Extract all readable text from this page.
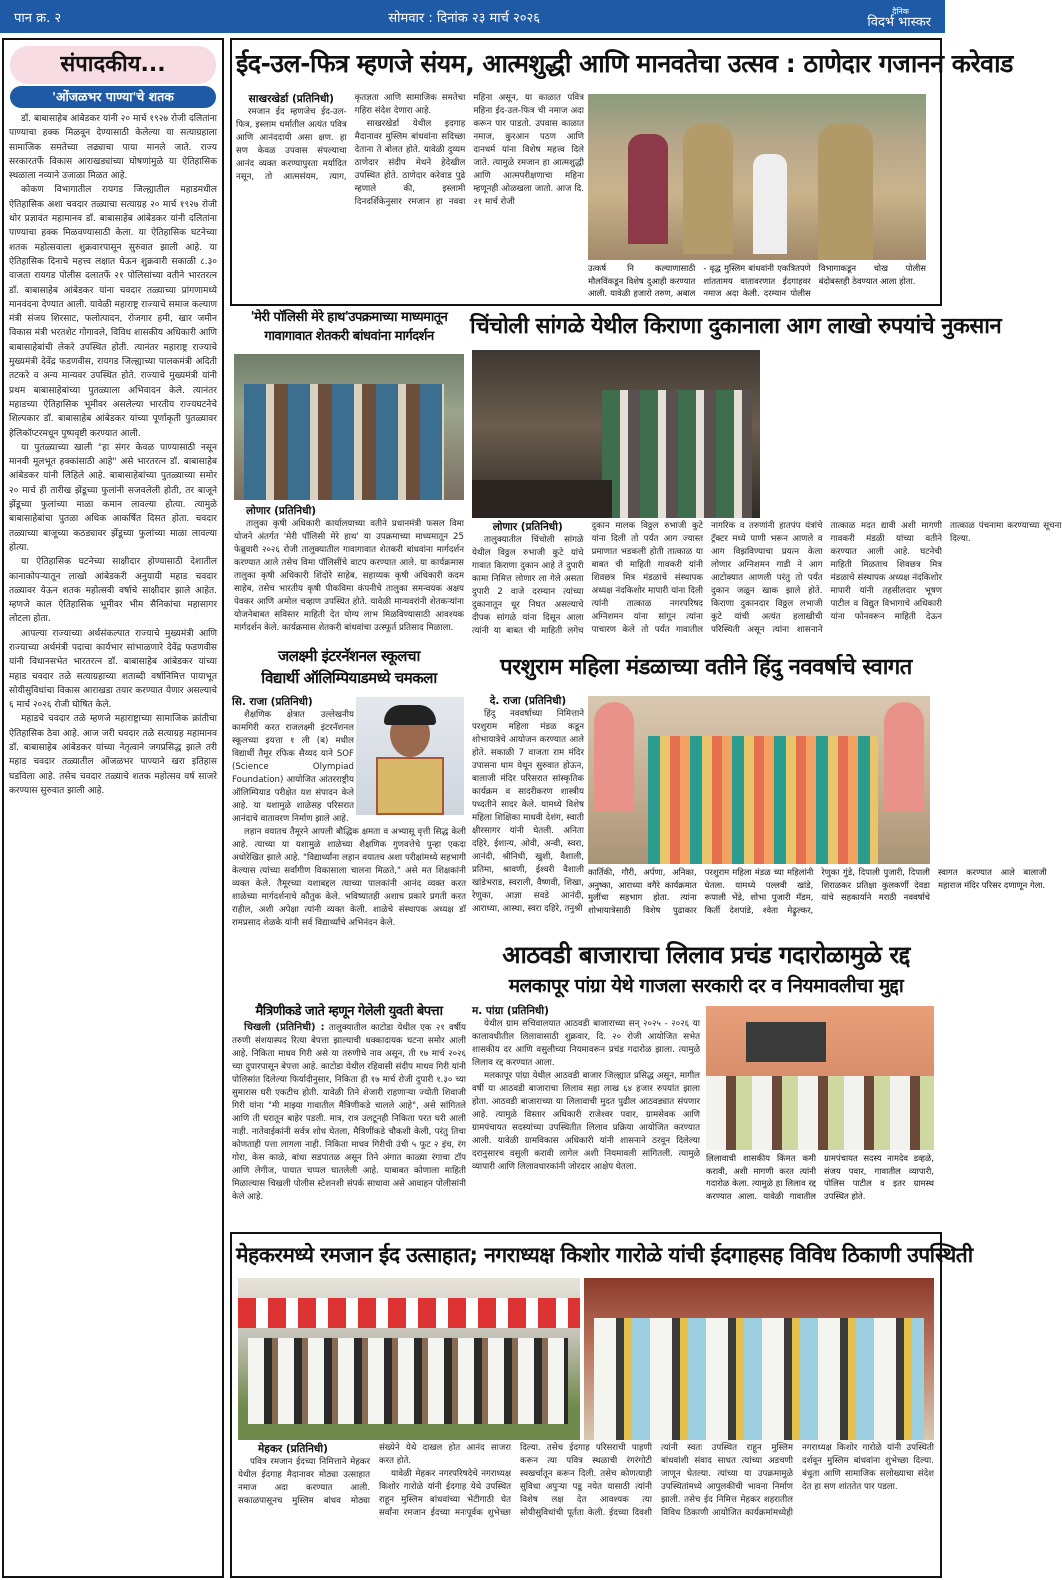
पान क्र. २	सोमवार : दिनांक २३ मार्च २०२६	दैनिक
विदर्भ भास्कर
संपादकीय...
'ओंजळभर पाण्या'चे शतक

डॉ. बाबासाहेब आंबेडकर यांनी २० मार्च १९२७ रोजी दलितांना पाण्याचा हक्क मिळवून देण्यासाठी केलेल्या या सत्याग्रहाला सामाजिक समतेच्या लढ्याचा पाया मानले जाते. राज्य सरकारतर्फे विकास आराखड्यांच्या घोषणांमुळे या ऐतिहासिक स्थळाला नव्याने उजाळा मिळत आहे.

कोकण विभागातील रायगड जिल्ह्यातील महाडमधील ऐतिहासिक अशा चवदार तळ्याचा सत्याग्रह २० मार्च १९२७ रोजी थोर प्रज्ञावंत महामानव डॉ. बाबासाहेब आंबेडकर यांनी दलितांना पाण्याचा हक्क मिळवण्यासाठी केला. या ऐतिहासिक घटनेच्या शतक महोत्सवाला शुक्रवारपासून सुरुवात झाली आहे. या ऐतिहासिक दिनाचे महत्त्व लक्षात घेऊन शुक्रवारी सकाळी ८.३० वाजता रायगड पोलीस दलातर्फे २१ पोलिसांच्या वतीने भारतरत्न डॉ. बाबासाहेब आंबेडकर यांना चवदार तळ्याच्या प्रांगणामध्ये मानवंदना देण्यात आली. यावेळी महाराष्ट्र राज्याचे समाज कल्याण मंत्री संजय शिरसाट, फलोत्पादन, रोजगार हमी, खार जमीन विकास मंत्री भरतशेट गोगावले, विविध शासकीय अधिकारी आणि बाबासाहेबांची लेकरे उपस्थित होती. त्यानंतर महाराष्ट्र राज्याचे मुख्यमंत्री देवेंद्र फडणवीस, रायगड जिल्ह्याच्या पालकमंत्री अदिती तटकरे व अन्य मान्यवर उपस्थित होते. राज्याचे मुख्यमंत्री यांनी प्रथम बाबासाहेबांच्या पुतळ्याला अभिवादन केले. त्यानंतर महाडच्या ऐतिहासिक भूमीवर असलेल्या भारतीय राज्यघटनेचे शिल्पकार डॉ. बाबासाहेब आंबेडकर यांच्या पूर्णाकृती पुतळ्यावर हेलिकॉप्टरमधून पुष्पवृष्टी करण्यात आली.

या पुतळ्याच्या खाली "हा संगर केवळ पाण्यासाठी नसून मानवी मूलभूत हक्कांसाठी आहे" असे भारतरत्न डॉ. बाबासाहेब आंबेडकर यांनी लिहिले आहे. बाबासाहेबांच्या पुतळ्याच्या समोर २० मार्च ही तारीख झेंडूच्या फुलांनी सजवलेली होती, तर बाजूने झेंडूच्या फुलांच्या माळा कमान लावल्या होत्या. त्यामुळे बाबासाहेबांचा पुतळा अधिक आकर्षित दिसत होता. चवदार तळ्याच्या बाजूच्या कठड्यावर झेंडूच्या फुलांच्या माळा लावल्या होत्या.

या ऐतिहासिक घटनेच्या साक्षीदार होण्यासाठी देशातील कानाकोपऱ्यातून लाखो आंबेडकरी अनुयायी महाड चवदार तळ्यावर येऊन शतक महोत्सवी वर्षाचे साक्षीदार झाले आहेत. म्हणजे काल ऐतिहासिक भूमीवर भीम सैनिकांचा महासागर लोटला होता.

आपल्या राज्याच्या अर्थसंकल्पात राज्याचे मुख्यमंत्री आणि राज्याच्या अर्थमंत्री पदाचा कार्यभार सांभाळणारे देवेंद्र फडणवीस यांनी विधानसभेत भारतरत्न डॉ. बाबासाहेब आंबेडकर यांच्या महाड चवदार तळे सत्याग्रहाच्या शताब्दी वर्षानिमित्त पायाभूत सोयीसुविधांचा विकास आराखडा तयार करण्यात येणार असल्याचे ६ मार्च २०२६ रोजी घोषित केले.

महाडचे चवदार तळे म्हणजे महाराष्ट्राच्या सामाजिक क्रांतीचा ऐतिहासिक ठेवा आहे. आज जरी चवदार तळे सत्याग्रह महामानव डॉ. बाबासाहेब आंबेडकर यांच्या नेतृत्वाने जगप्रसिद्ध झाले तरी महाड चवदार तळ्यातील ओंजळभर पाण्याने खरा इतिहास घडविला आहे. तसेच चवदार तळ्याचे शतक महोत्सव वर्ष साजरे करण्यास सुरुवात झाली आहे.

ईद-उल-फित्र म्हणजे संयम, आत्मशुद्धी आणि मानवतेचा उत्सव : ठाणेदार गजानन करेवाड
साखरखेर्डा (प्रतिनिधी)

रमजान ईद म्हणजेच ईद-उल-फित्र, इस्लाम धर्मातील अत्यंत पवित्र आणि आनंददायी असा क्षण. हा सण केवळ उपवास संपल्याचा आनंद व्यक्त करण्यापुरता मर्यादित नसून, तो आत्मसंयम, त्याग, कृतज्ञता आणि सामाजिक समतेचा गहिरा संदेश देणारा आहे.

साखरखेर्डा येथील इदगाह मैदानावर मुस्लिम बांधवांना सदिच्छा देताना ते बोलत होते. यावेळी दुय्यम ठाणेदार संदीप मेथने हेदेखील उपस्थित होते. ठाणेदार करेवाड पुढे म्हणाले की, इस्लामी दिनदर्शिकेनुसार रमजान हा नववा महिना असून, या काळात पवित्र महिना ईद-उल-फित्र ची नमाज अदा करून पार पाडतो. उपवास काळात नमाज, कुरआन पठण आणि दानधर्म यांना विशेष महत्त्व दिले जाते. त्यामुळे रमजान हा आत्मशुद्धी आणि आत्मपरीक्षणाचा महिना म्हणूनही ओळखला जातो. आज दि. २१ मार्च रोजी

उत्कर्ष नि कल्याणासाठी मौलविंकडून विशेष दुआही करण्यात आली. यावेळी हजारो तरुण, अबाल - वृद्ध मुस्लिम बांधवांनी एकत्रितपणे शांततामय वातावरणात ईदगाहवर नमाज अदा केली. दरम्यान पोलीस विभागाकडून चोख पोलीस बंदोबस्तही ठेवण्यात आला होता.
'मेरी पॉलिसी मेरे हाथ'उपक्रमाच्या माध्यमातून
गावागावात शेतकरी बांधवांना मार्गदर्शन
लोणार (प्रतिनिधी)

तालुका कृषी अधिकारी कार्यालयाच्या वतीने प्रधानमंत्री फसल विमा योजने अंतर्गत 'मेरी पॉलिसी मेरे हाथ' या उपक्रमाच्या माध्यमातून 25 फेब्रुवारी २०२६ रोजी तालुक्यातील गावागावात शेतकरी बांधवांना मार्गदर्शन करण्यात आले तसेच विमा पॉलिसींचे वाटप करण्यात आले. या कार्यक्रमास तालुका कृषी अधिकारी शिंदोरे साहेब, सहाय्यक कृषी अधिकारी कदम साहेब, तसेच भारतीय कृषी पीकविमा कंपनीचे तालुका समन्वयक अक्षय पेवकर आणि अमोल चव्हाण उपस्थित होते. यावेळी मान्यवरांनी शेतकऱ्यांना योजनेबाबत सविस्तर माहिती देत योग्य लाभ मिळविण्यासाठी आवश्यक मार्गदर्शन केले. कार्यक्रमास शेतकरी बांधवांचा उत्स्फूर्त प्रतिसाद मिळाला.

चिंचोली सांगळे येथील किराणा दुकानाला आग लाखो रुपयांचे नुकसान
लोणार (प्रतिनिधी)

तालुक्यातील चिंचोली सांगळे येथील विठ्ठल रुभाजी कुटे यांचे गावात किराणा दुकान आहे ते दुपारी कामा निमित्त लोणार ला गेले असता दुपारी 2 वाजे दरम्यान त्यांच्या दुकानातून धूर निघत असल्याचे दीपक सांगळे यांना दिसून आला त्यांनी या बाबत ची माहिती लगेच दुकान मालक विठ्ठल रुभाजी कुटे यांना दिली तो पर्यंत आग ज्यास्त प्रमाणात भडकली होती तात्काळ या बाबत ची माहिती गावकरी यांनी शिवछत्र मित्र मंडळाचे संस्थापक अध्यक्ष नंदकिशोर मापारी यांना दिली त्यांनी तात्काळ नगरपरिषद अग्निशमन यांना सांगून त्यांना पाचारण केले तो पर्यंत गावातील नागरिक व तरुणांनी हातपंप यंत्रांचे ट्रॅक्टर मध्ये पाणी भरून आणले व आग विझविण्याचा प्रयत्न केला लोणार अग्निशमन गाडी ने आग आटोक्यात आणली परंतु तो पर्यंत दुकान जळून खाक झाले होते. किराणा दुकानदार विठ्ठल लभाजी कुटे यांची अत्यंत हलाखीची परिस्थिती असून त्यांना शासनाने तात्काळ मदत द्यावी अशी मागणी गावकरी मंडळी यांच्या वतीने करण्यात आली आहे. घटनेची माहिती मिळताच शिवछत्र मित्र मंडळाचे संस्थापक अध्यक्ष नंदकिशोर मापारी यांनी तहसीलदार भूषण पाटील व विद्युत विभागाचे अधिकारी यांना फोनवरून माहिती देऊन तात्काळ पंचनामा करण्याच्या सूचना दिल्या.

जलक्ष्मी इंटरनॅशनल स्कूलचा
विद्यार्थी ऑलिम्पियाडमध्ये चमकला
सि. राजा (प्रतिनिधी)

शैक्षणिक क्षेत्रात उल्लेखनीय कामगिरी करत राजलक्ष्मी इंटरनॅशनल स्कूलच्या इयत्ता १ ली (ब) मधील विद्यार्थी तैमूर रफिक सैय्यद याने SOF (Science Olympiad Foundation) आयोजित आंतरराष्ट्रीय ऑलिम्पियाड परीक्षेत यश संपादन केले आहे. या यशामुळे शाळेसह परिसरात आनंदाचे वातावरण निर्माण झाले आहे.

लहान वयातच तैमूरने आपली बौद्धिक क्षमता व अभ्यासू वृत्ती सिद्ध केली आहे. त्याच्या या यशामुळे शाळेच्या शैक्षणिक गुणवत्तेचे पुन्हा एकदा अधोरेखित झाले आहे. "विद्यार्थ्यांना लहान वयातच अशा परीक्षांमध्ये सहभागी केल्यास त्यांच्या सर्वांगीण विकासाला चालना मिळते," असे मत शिक्षकांनी व्यक्त केले. तैमूरच्या यशाबद्दल त्याच्या पालकांनी आनंद व्यक्त करत शाळेच्या मार्गदर्शनाचे कौतुक केले. भविष्यातही अशाच प्रकारे प्रगती करत राहील, अशी अपेक्षा त्यांनी व्यक्त केली. शाळेचे संस्थापक अध्यक्ष डॉ रामप्रसाद शेळके यांनी सर्व विद्यार्थ्यांचे अभिनंदन केले.

मैत्रिणीकडे जाते म्हणून गेलेली युवती बेपत्ता

चिखली (प्रतिनिधी) : तालुक्यातील काटोडा येथील एक २१ वर्षीय तरुणी संशयास्पद रित्या बेपत्ता झाल्याची धक्कादायक घटना समोर आली आहे. निकिता माधव गिरी असे या तरुणीचे नाव असून, ती १७ मार्च २०२६ च्या दुपारपासून बेपत्ता आहे. काटोडा येथील रहिवासी संदीप माधव गिरी यांनी पोलिसांत दिलेल्या फिर्यादीनुसार, निकिता ही १७ मार्च रोजी दुपारी १.३० च्या सुमारास घरी एकटीच होती. यावेळी तिने शेजारी राहणाऱ्या ज्योती शिवाजी गिरी यांना "मी माझ्या गावातील मैत्रिणीकडे चालले आहे", असे सांगितले आणि ती घरातून बाहेर पडली. मात्र, रात्र उलटूनही निकिता परत घरी आली नाही. नातेवाईकांनी सर्वत्र शोध घेतला, मैत्रिणींकडे चौकशी केली, परंतु तिचा कोणताही पत्ता लागला नाही. निकिता माधव गिरीची उंची ५ फूट २ इंच, रंग गोरा, केस काळे, बांधा सडपातळ असून तिने अंगात काळ्या रंगाचा टॉप आणि लेगीज, पायात चप्पल घातलेली आहे. याबाबत कोणाला माहिती मिळाल्यास चिखली पोलीस स्टेशनशी संपर्क साधावा असे आवाहन पोलीसांनी केले आहे.

परशुराम महिला मंडळाच्या वतीने हिंदु नववर्षाचे स्वागत
दे. राजा (प्रतिनिधी)

हिंदु नववर्षाच्या निमित्ताने परशुराम महिला मंडळ कडून शोभायात्रेचे आयोजन करण्यात आले होते. सकाळी 7 वाजता राम मंदिर उपासना धाम येथून सुरुवात होऊन, बालाजी मंदिर परिसरात सांस्कृतिक कार्यक्रम व सादरीकरण शास्त्रीय पध्दतीने सादर केले. यामध्ये विशेष महिला शिक्षिका माधवी देशंग, स्वाती क्षीरसागर यांनी घेतली. अनिता दहिरे, ईशान्य, ओवी, अन्वी, स्वरा, आनंदी, श्रीनिधी, खुशी, वैशाली, प्रतिमा, श्रावणी, ईश्वरी वैशाली खांडेभराड, स्वराली, वैष्णवी, शिखा, रेणुका, आज्ञा सवडे आनंदी, आराध्या, आस्था, स्वरा दहिरे, तनुश्री

कार्तिकी, गौरी, अर्पणा, अनिका, अनुष्का, आराध्या वगैरे कार्यक्रमात मुलींचा सहभाग होता. त्यांना शोभायात्रेसाठी विशेष पुढाकार परशुराम महिला मंडळ च्या महिलांनी घेतला. यामध्ये पल्लवी खांडे, रूपाली भेंडे, शोभा पुजारी मॅडम, किर्ती देशपांडे, श्वेता मेढ्रुल्कर, रेणुका गुंडे, दिपाली पुजारी, दिपाली शिराळकर प्रतिक्षा कुलकर्णी देवडा यांचे सहकार्याने मराठी नववर्षाचे स्वागत करण्यात आले बालाजी महाराज मंदिर परिसर दणाणून गेला.
आठवडी बाजाराचा लिलाव प्रचंड गदारोळामुळे रद्द
मलकापूर पांग्रा येथे गाजला सरकारी दर व नियमावलीचा मुद्दा
म. पांग्रा (प्रतिनिधी)

येथील ग्राम सचिवालयात आठवडी बाजाराच्या सन् २०२५ - २०२६ या कालावधीतील लिलावासाठी शुक्रवार, दि. २० रोजी आयोजित सभेत शासकीय दर आणि वसुलीच्या नियमावरून प्रचंड गदारोळ झाला. त्यामुळे लिलाव रद्द करण्यात आला.

मलकापूर पांग्रा येथील आठवडी बाजार जिल्ह्यात प्रसिद्ध असून, मागील वर्षी या आठवडी बाजाराचा लिलाव सहा लाख ६४ हजार रुपयांत झाला होता. आठवडी बाजाराच्या या लिलावाची मुदत पुढील आठवड्यात संपणार आहे. त्यामुळे विस्तार अधिकारी राजेश्वर पवार, ग्रामसेवक आणि ग्रामपंचायत सदस्यांच्या उपस्थितीत लिलाव प्रक्रिया आयोजित करण्यात आली. यावेळी ग्रामविकास अधिकारी यांनी शासनाने ठरवून दिलेल्या दरानुसारच वसुली करावी लागेल अशी नियमावली सांगितली. त्यामुळे व्यापारी आणि लिलावधारकांनी जोरदार आक्षेप घेतला.

लिलावाची शासकीय किंमत कमी करावी, अशी मागणी करत त्यांनी गदारोळ केला. त्यामुळे हा लिलाव रद्द करण्यात आला. यावेळी गावातील ग्रामपंचायत सदस्य नामदेव डव्हळे, संजय पवार, गावातील व्यापारी, पोलिस पाटील व इतर ग्रामस्थ उपस्थित होते.
मेहकरमध्ये रमजान ईद उत्साहात; नगराध्यक्ष किशोर गारोळे यांची ईदगाहसह विविध ठिकाणी उपस्थिती
मेहकर (प्रतिनिधी)

पवित्र रमजान ईदच्या निमित्ताने मेहकर येथील ईदगाह मैदानावर मोठ्या उत्साहात नमाज अदा करण्यात आली. सकाळपासूनच मुस्लिम बांधव मोठ्या संख्येने येथे दाखल होत आनंद साजरा करत होते.

यावेळी मेहकर नगरपरिषदेचे नगराध्यक्ष किशोर गारोळे यांनी ईदगाह येथे उपस्थित राहून मुस्लिम बांधवांच्या भेटीगाठी घेत सर्वांना रमजान ईदच्या मनःपूर्वक शुभेच्छा दिल्या. तसेच ईदगाह परिसराची पाहणी करून त्या पवित्र स्थळाची रंगरंगोटी स्वखर्चातून करून दिली. तसेच कोणत्याही सुविधा अपुऱ्या पडू नयेत यासाठी त्यांनी विशेष लक्ष देत आवश्यक त्या सोयीसुविधांची पूर्तता केली. ईदच्या दिवशी त्यांनी स्वतः उपस्थित राहून मुस्लिम बांधवांशी संवाद साधत त्यांच्या अडचणी जाणून घेतल्या. त्यांच्या या उपक्रमामुळे उपस्थितांमध्ये आपुलकीची भावना निर्माण झाली. तसेच ईद निमित्त मेहकर शहरातील विविध ठिकाणी आयोजित कार्यक्रमांमध्येही नगराध्यक्ष किशोर गारोळे यांनी उपस्थिती दर्शवून मुस्लिम बांधवांना शुभेच्छा दिल्या. बंधुता आणि सामाजिक सलोख्याचा संदेश देत हा सण शांततेत पार पडला.
